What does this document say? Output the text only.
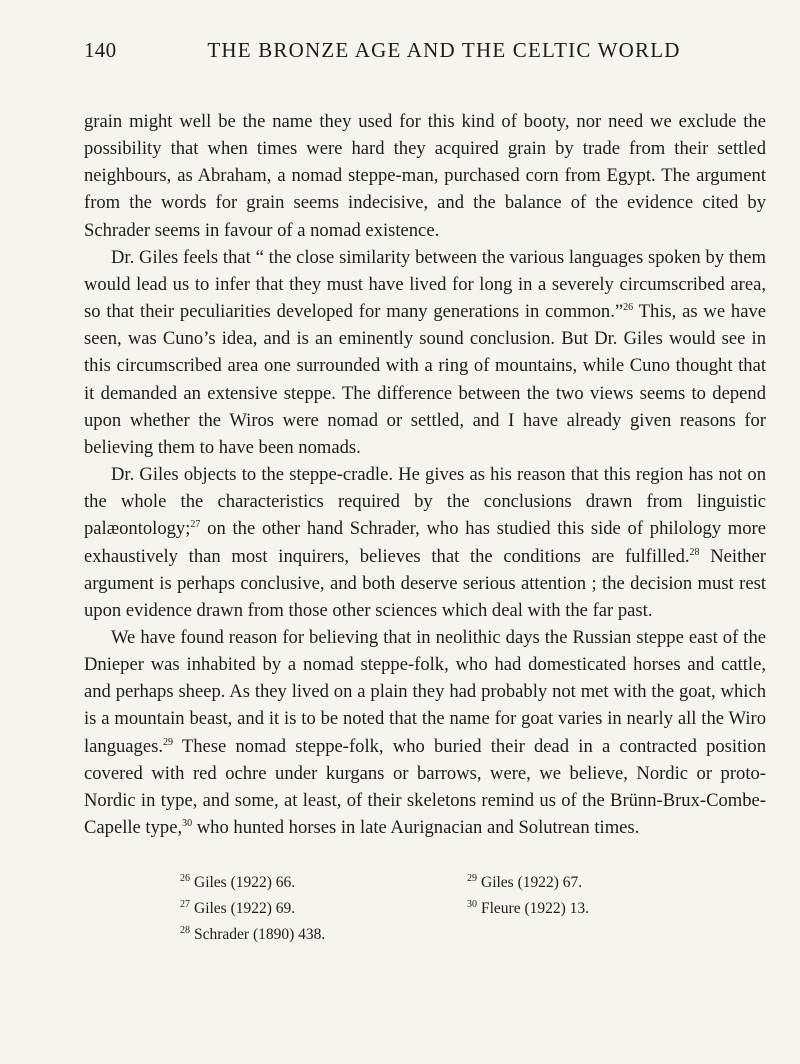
140	THE BRONZE AGE AND THE CELTIC WORLD

grain might well be the name they used for this kind of booty, nor need we exclude the possibility that when times were hard they acquired grain by trade from their settled neighbours, as Abraham, a nomad steppe-man, purchased corn from Egypt. The argument from the words for grain seems indecisive, and the balance of the evidence cited by Schrader seems in favour of a nomad existence.

Dr. Giles feels that “ the close similarity between the various languages spoken by them would lead us to infer that they must have lived for long in a severely circumscribed area, so that their peculiarities developed for many generations in common.”$^{26}$ This, as we have seen, was Cuno’s idea, and is an eminently sound conclusion. But Dr. Giles would see in this circumscribed area one surrounded with a ring of mountains, while Cuno thought that it demanded an extensive steppe. The difference between the two views seems to depend upon whether the Wiros were nomad or settled, and I have already given reasons for believing them to have been nomads.

Dr. Giles objects to the steppe-cradle. He gives as his reason that this region has not on the whole the characteristics required by the conclusions drawn from linguistic palæontology;$^{27}$ on the other hand Schrader, who has studied this side of philology more exhaustively than most inquirers, believes that the conditions are fulfilled.$^{28}$ Neither argument is perhaps conclusive, and both deserve serious attention ; the decision must rest upon evidence drawn from those other sciences which deal with the far past.

We have found reason for believing that in neolithic days the Russian steppe east of the Dnieper was inhabited by a nomad steppe-folk, who had domesticated horses and cattle, and perhaps sheep. As they lived on a plain they had probably not met with the goat, which is a mountain beast, and it is to be noted that the name for goat varies in nearly all the Wiro languages.$^{29}$ These nomad steppe-folk, who buried their dead in a contracted position covered with red ochre under kurgans or barrows, were, we believe, Nordic or proto-Nordic in type, and some, at least, of their skeletons remind us of the Brünn-Brux-Combe-Capelle type,$^{30}$ who hunted horses in late Aurignacian and Solutrean times.

$^{26}$ Giles (1922) 66.
$^{27}$ Giles (1922) 69.
$^{28}$ Schrader (1890) 438.
$^{29}$ Giles (1922) 67.
$^{30}$ Fleure (1922) 13.
